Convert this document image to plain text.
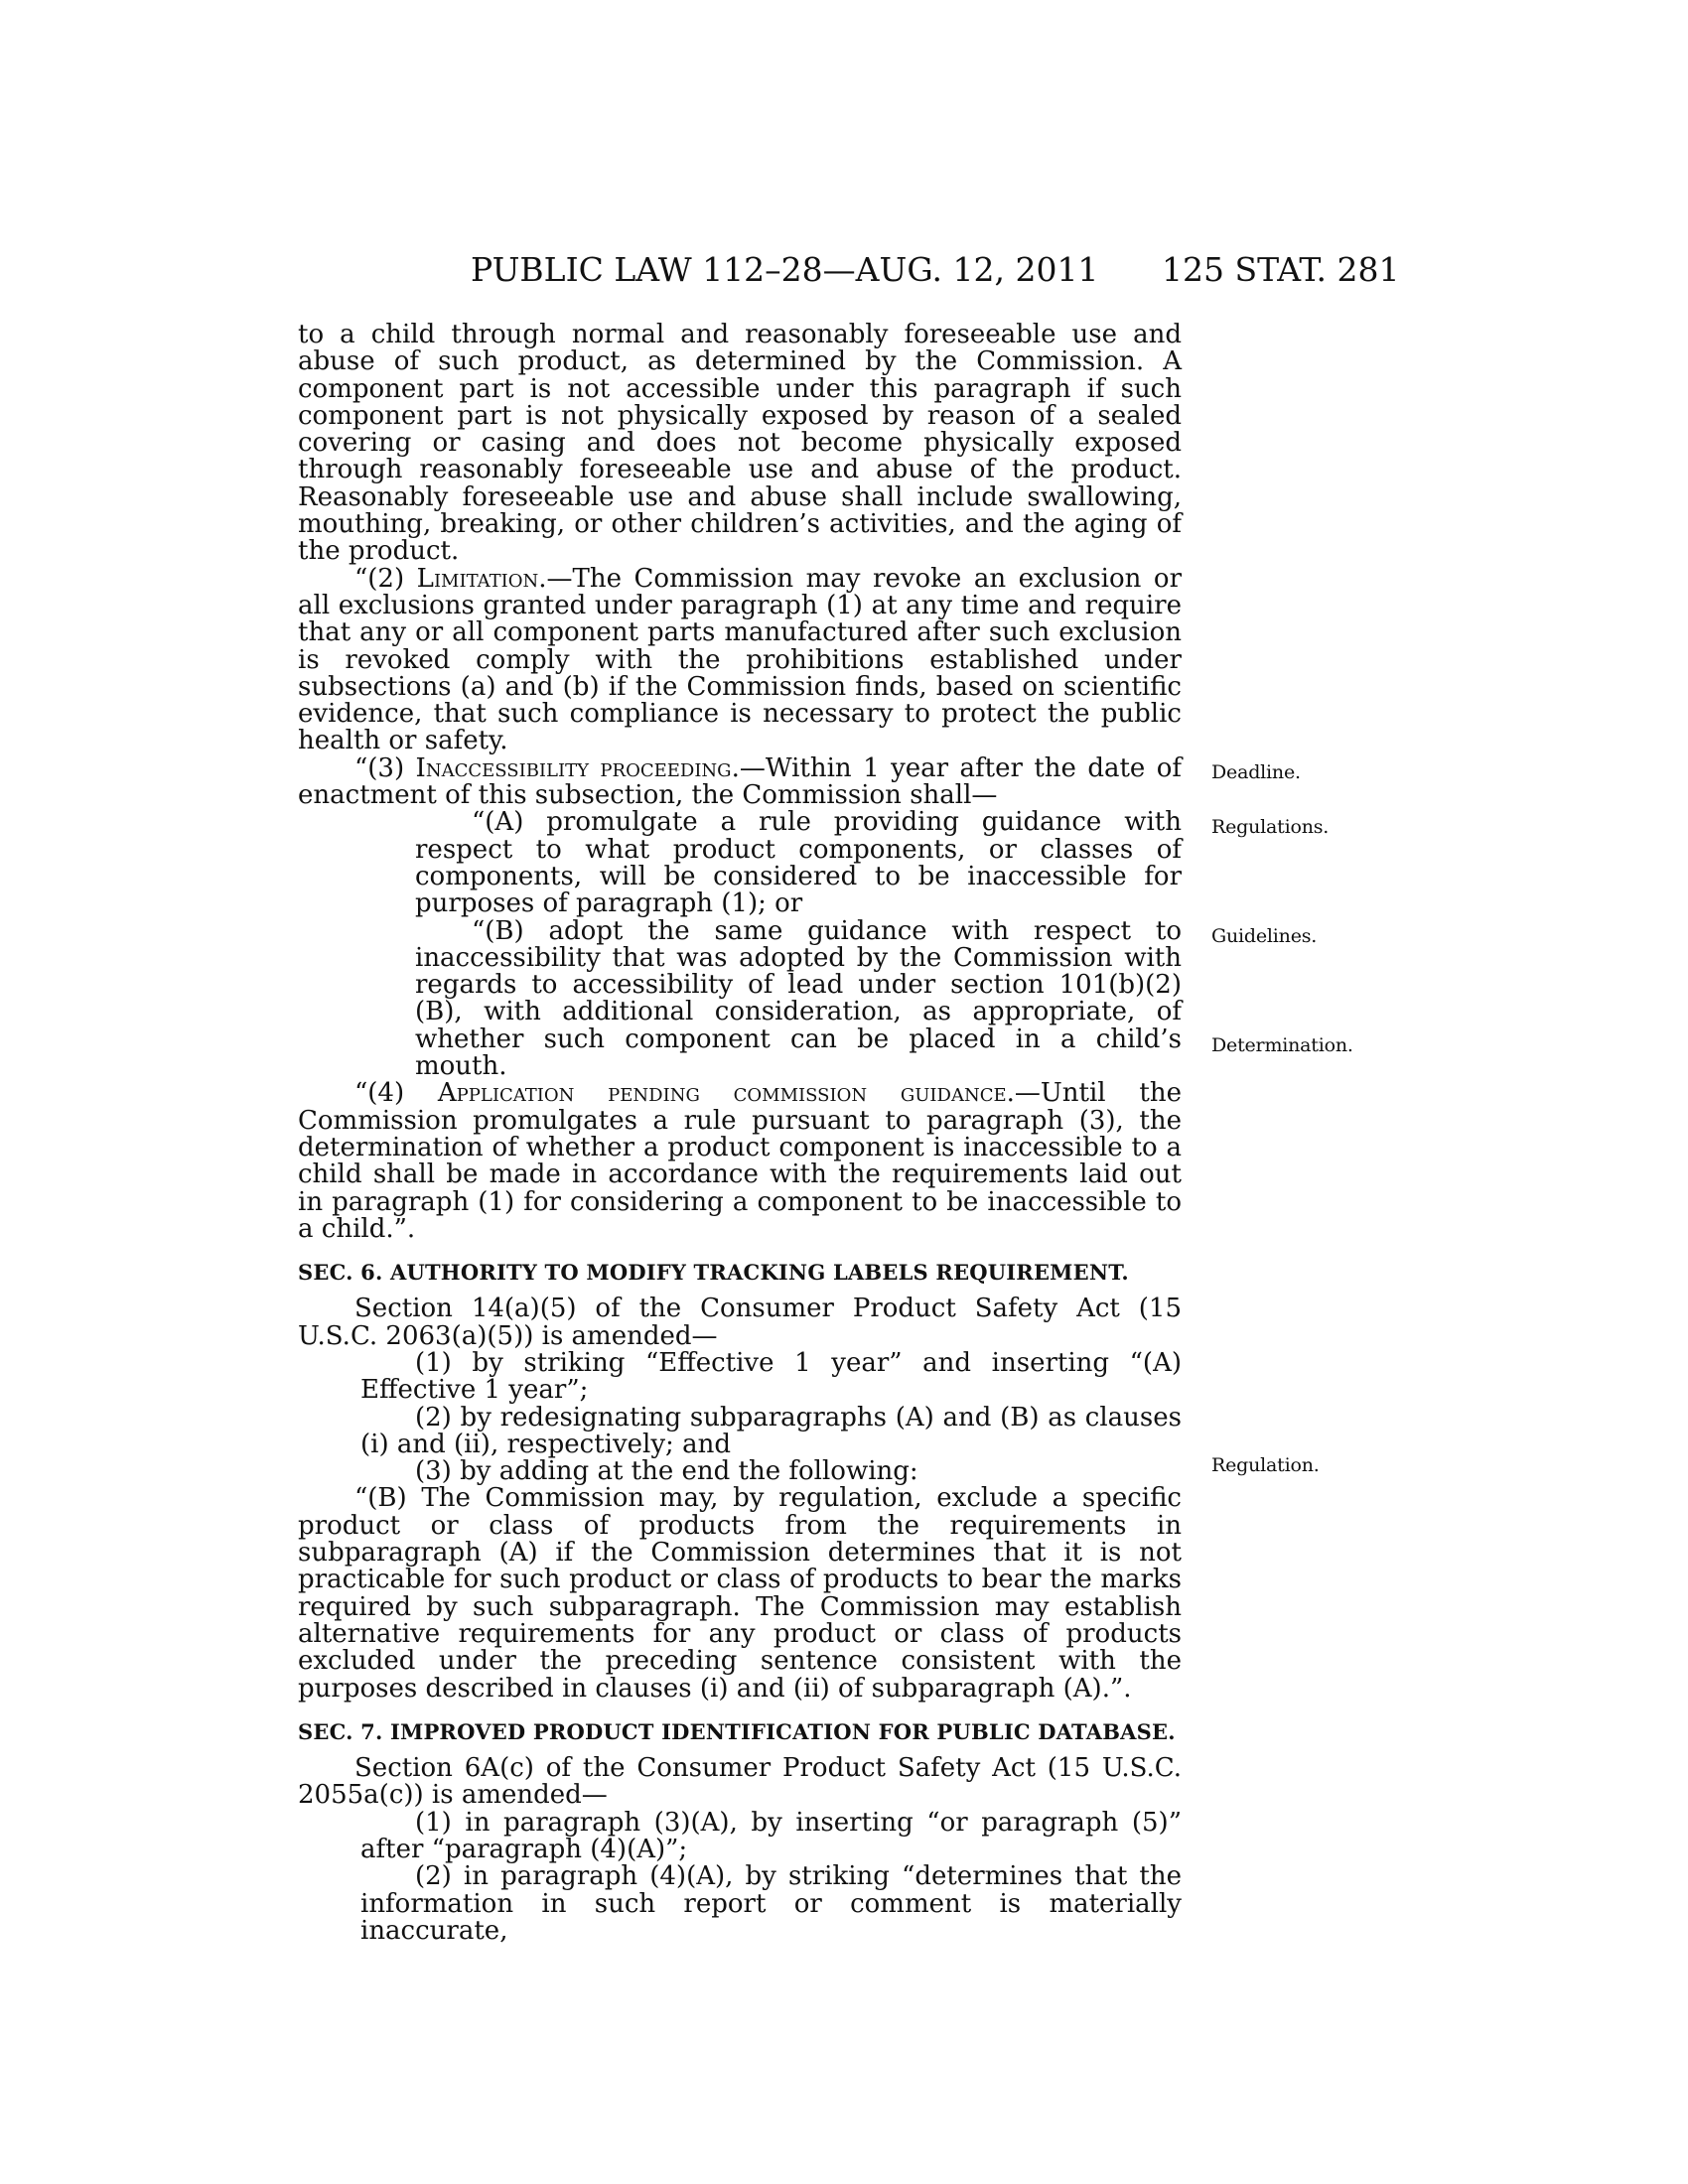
PUBLIC LAW 112–28—AUG. 12, 2011 125 STAT. 281

to a child through normal and reasonably foreseeable use and abuse of such product, as determined by the Commission. A component part is not accessible under this paragraph if such component part is not physically exposed by reason of a sealed covering or casing and does not become physically exposed through reasonably foreseeable use and abuse of the product. Reasonably foreseeable use and abuse shall include swallowing, mouthing, breaking, or other children’s activities, and the aging of the product.

“(2) Limitation.—The Commission may revoke an exclusion or all exclusions granted under paragraph (1) at any time and require that any or all component parts manufactured after such exclusion is revoked comply with the prohibitions established under subsections (a) and (b) if the Commission finds, based on scientific evidence, that such compliance is necessary to protect the public health or safety.

“(3) Inaccessibility proceeding.—Within 1 year after the date of enactment of this subsection, the Commission shall—

“(A) promulgate a rule providing guidance with respect to what product components, or classes of components, will be considered to be inaccessible for purposes of paragraph (1); or

“(B) adopt the same guidance with respect to inaccessibility that was adopted by the Commission with regards to accessibility of lead under section 101(b)(2)(B), with additional consideration, as appropriate, of whether such component can be placed in a child’s mouth.

“(4) Application pending commission guidance.—Until the Commission promulgates a rule pursuant to paragraph (3), the determination of whether a product component is inaccessible to a child shall be made in accordance with the requirements laid out in paragraph (1) for considering a component to be inaccessible to a child.”.

SEC. 6. AUTHORITY TO MODIFY TRACKING LABELS REQUIREMENT.

Section 14(a)(5) of the Consumer Product Safety Act (15 U.S.C. 2063(a)(5)) is amended—

(1) by striking “Effective 1 year” and inserting “(A) Effective 1 year”;

(2) by redesignating subparagraphs (A) and (B) as clauses (i) and (ii), respectively; and

(3) by adding at the end the following:

“(B) The Commission may, by regulation, exclude a specific product or class of products from the requirements in subparagraph (A) if the Commission determines that it is not practicable for such product or class of products to bear the marks required by such subparagraph. The Commission may establish alternative requirements for any product or class of products excluded under the preceding sentence consistent with the purposes described in clauses (i) and (ii) of subparagraph (A).”.

SEC. 7. IMPROVED PRODUCT IDENTIFICATION FOR PUBLIC DATABASE.

Section 6A(c) of the Consumer Product Safety Act (15 U.S.C. 2055a(c)) is amended—

(1) in paragraph (3)(A), by inserting “or paragraph (5)” after “paragraph (4)(A)”;

(2) in paragraph (4)(A), by striking “determines that the information in such report or comment is materially inaccurate,

Deadline.
Regulations.
Guidelines.
Determination.
Regulation.
